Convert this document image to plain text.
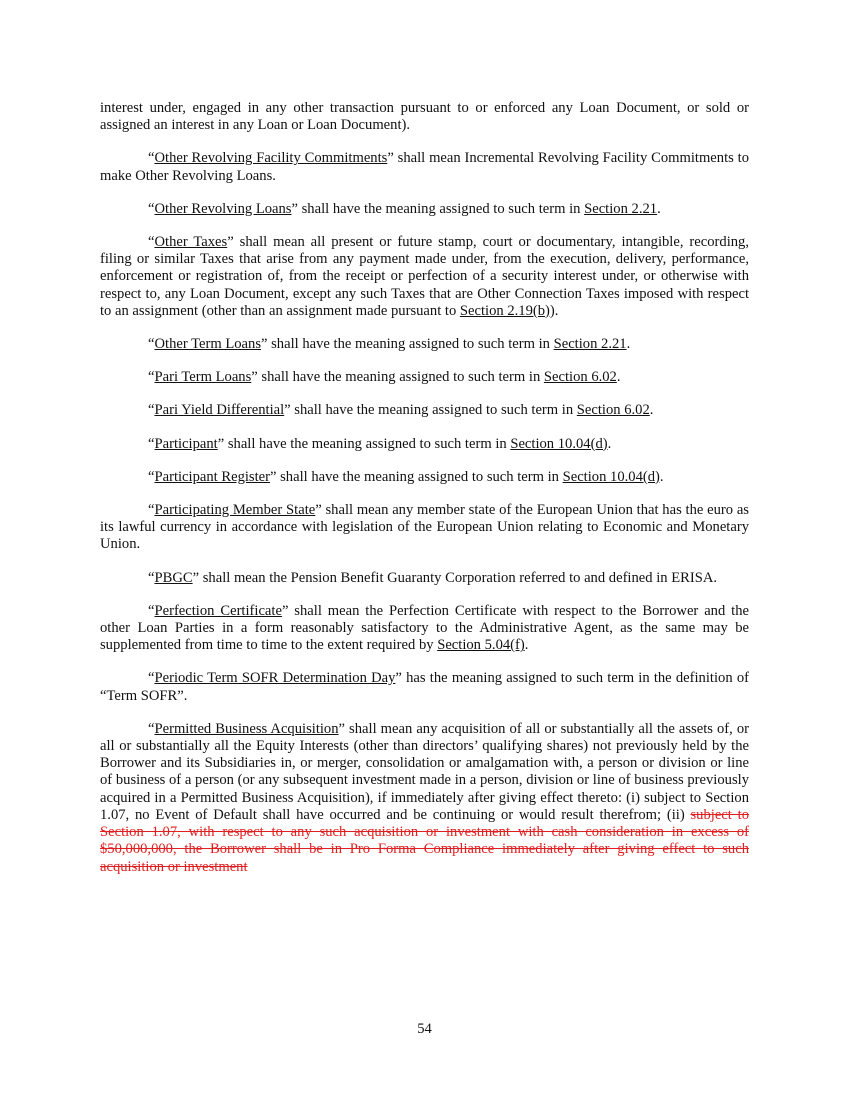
interest under, engaged in any other transaction pursuant to or enforced any Loan Document, or sold or assigned an interest in any Loan or Loan Document).

“Other Revolving Facility Commitments” shall mean Incremental Revolving Facility Commitments to make Other Revolving Loans.

“Other Revolving Loans” shall have the meaning assigned to such term in Section 2.21.

“Other Taxes” shall mean all present or future stamp, court or documentary, intangible, recording, filing or similar Taxes that arise from any payment made under, from the execution, delivery, performance, enforcement or registration of, from the receipt or perfection of a security interest under, or otherwise with respect to, any Loan Document, except any such Taxes that are Other Connection Taxes imposed with respect to an assignment (other than an assignment made pursuant to Section 2.19(b)).

“Other Term Loans” shall have the meaning assigned to such term in Section 2.21.

“Pari Term Loans” shall have the meaning assigned to such term in Section 6.02.

“Pari Yield Differential” shall have the meaning assigned to such term in Section 6.02.

“Participant” shall have the meaning assigned to such term in Section 10.04(d).

“Participant Register” shall have the meaning assigned to such term in Section 10.04(d).

“Participating Member State” shall mean any member state of the European Union that has the euro as its lawful currency in accordance with legislation of the European Union relating to Economic and Monetary Union.

“PBGC” shall mean the Pension Benefit Guaranty Corporation referred to and defined in ERISA.

“Perfection Certificate” shall mean the Perfection Certificate with respect to the Borrower and the other Loan Parties in a form reasonably satisfactory to the Administrative Agent, as the same may be supplemented from time to time to the extent required by Section 5.04(f).

“Periodic Term SOFR Determination Day” has the meaning assigned to such term in the definition of “Term SOFR”.

“Permitted Business Acquisition” shall mean any acquisition of all or substantially all the assets of, or all or substantially all the Equity Interests (other than directors’ qualifying shares) not previously held by the Borrower and its Subsidiaries in, or merger, consolidation or amalgamation with, a person or division or line of business of a person (or any subsequent investment made in a person, division or line of business previously acquired in a Permitted Business Acquisition), if immediately after giving effect thereto: (i) subject to Section 1.07, no Event of Default shall have occurred and be continuing or would result therefrom; (ii) subject to Section 1.07, with respect to any such acquisition or investment with cash consideration in excess of $50,000,000, the Borrower shall be in Pro Forma Compliance immediately after giving effect to such acquisition or investment

54
